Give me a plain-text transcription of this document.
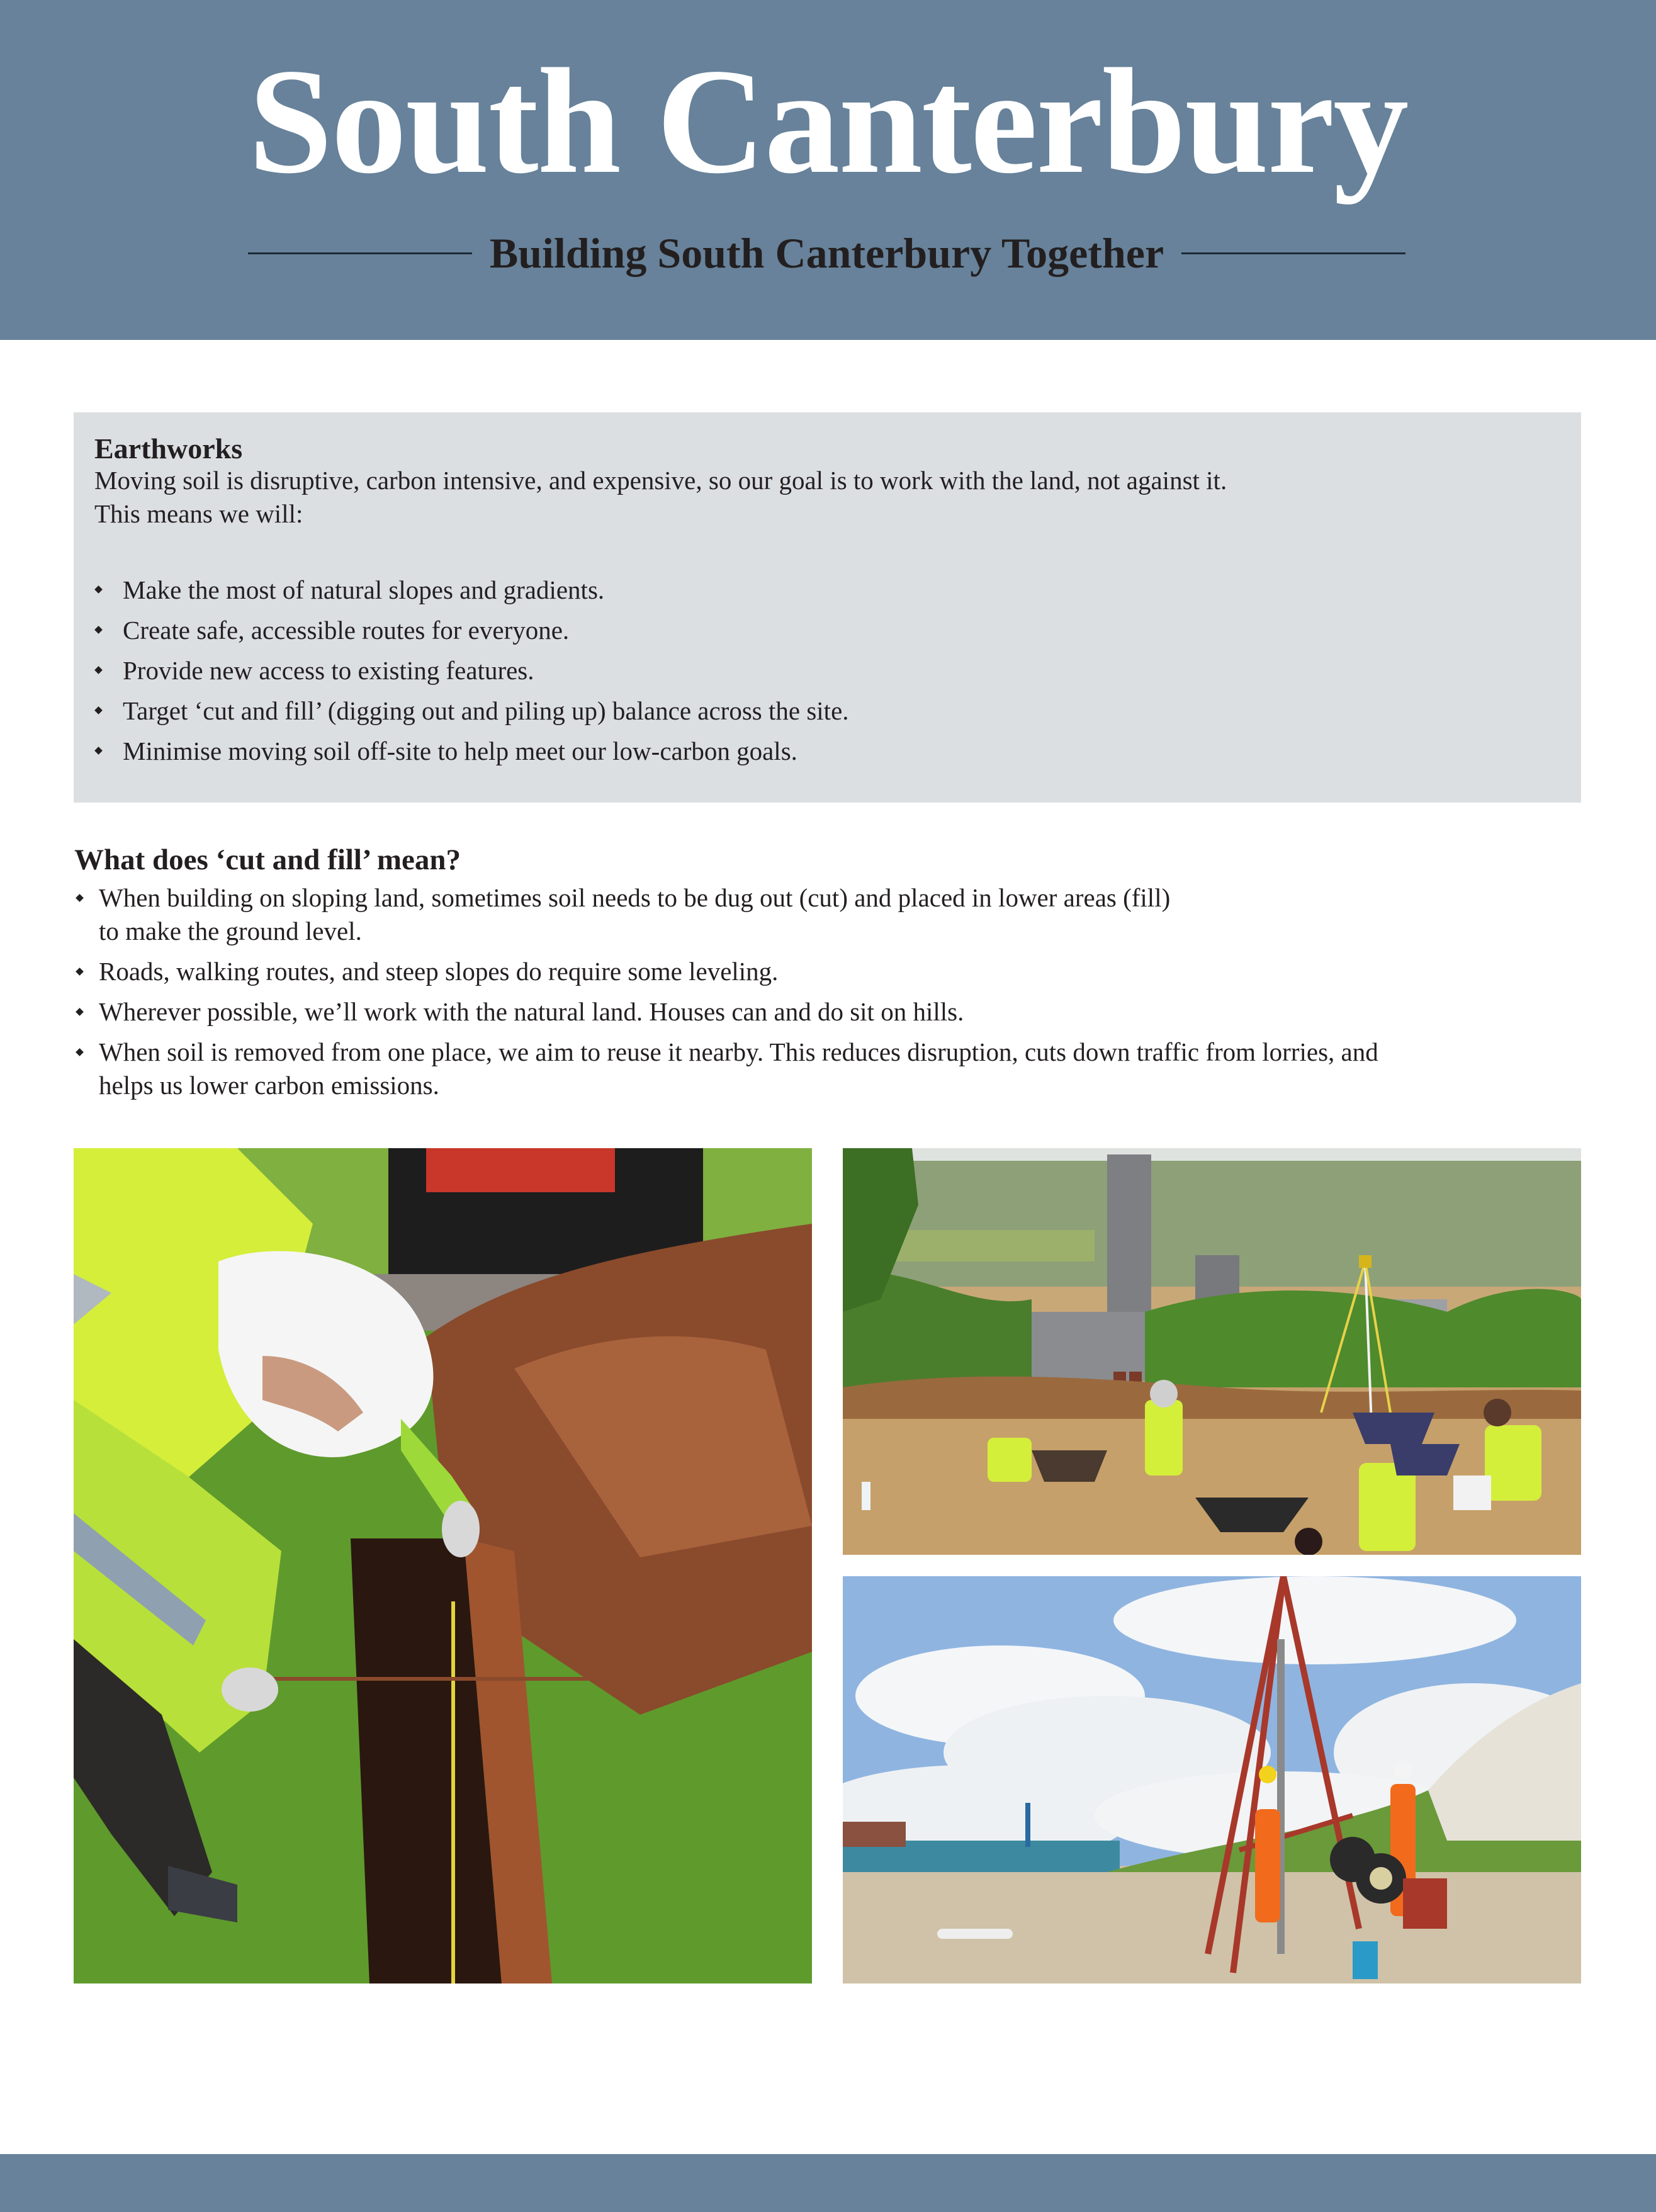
South Canterbury
Building South Canterbury Together
Earthworks
Moving soil is disruptive, carbon intensive, and expensive, so our goal is to work with the land, not against it.
This means we will:
Make the most of natural slopes and gradients.
Create safe, accessible routes for everyone.
Provide new access to existing features.
Target ‘cut and fill’ (digging out and piling up) balance across the site.
Minimise moving soil off-site to help meet our low-carbon goals.
What does ‘cut and fill’ mean?
When building on sloping land, sometimes soil needs to be dug out (cut) and placed in lower areas (fill)
to make the ground level.
Roads, walking routes, and steep slopes do require some leveling.
Wherever possible, we’ll work with the natural land. Houses can and do sit on hills.
When soil is removed from one place, we aim to reuse it nearby. This reduces disruption, cuts down traffic from lorries, and
helps us lower carbon emissions.
